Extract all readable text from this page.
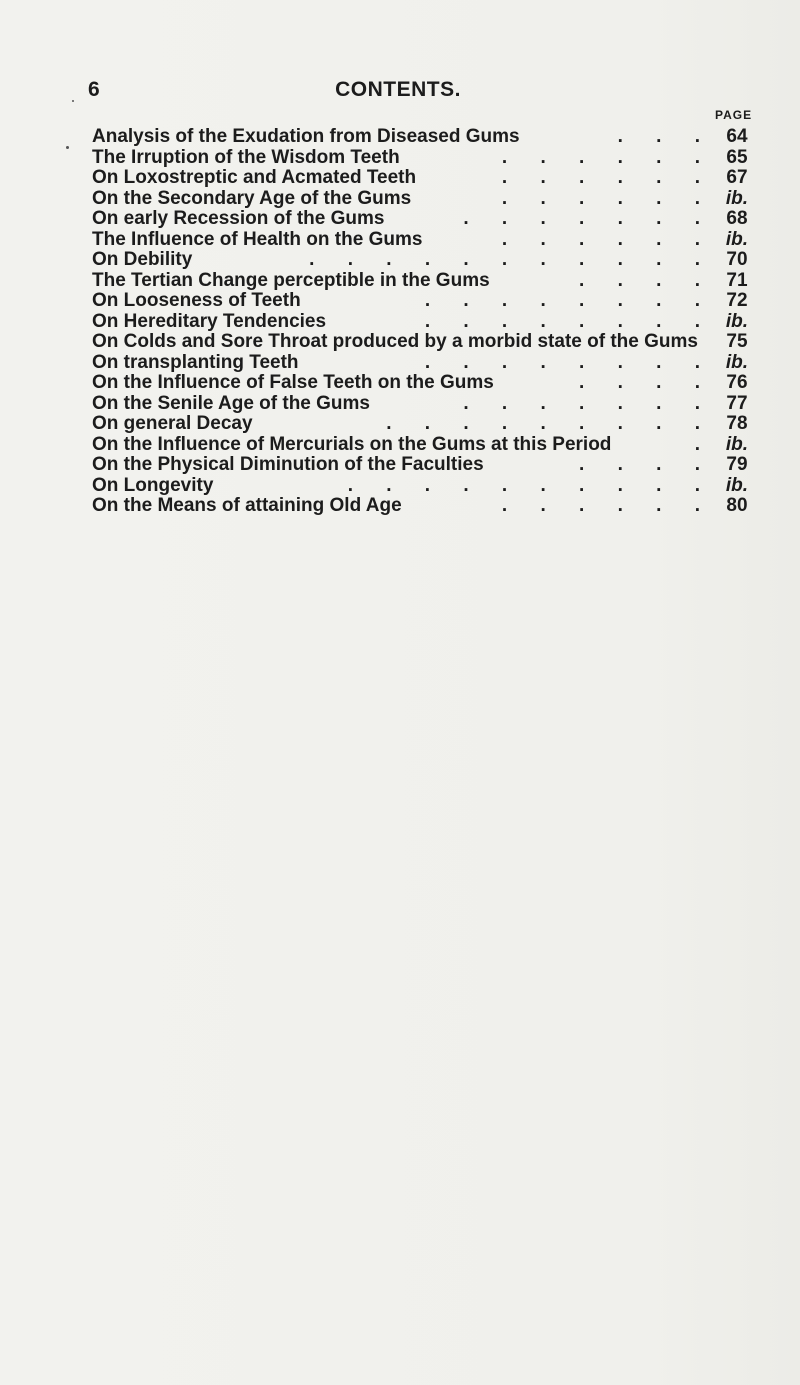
6	CONTENTS.
PAGE
Analysis of the Exudation from Diseased Gums	. . . 64
The Irruption of the Wisdom Teeth	. . . . . . 65
On Loxostreptic and Acmated Teeth	. . . . . . 67
On the Secondary Age of the Gums	. . . . . . ib.
On early Recession of the Gums	. . . . . . . 68
The Influence of Health on the Gums	. . . . . . ib.
On Debility	. . . . . . . . . . . 70
The Tertian Change perceptible in the Gums	. . . . 71
On Looseness of Teeth	. . . . . . . . 72
On Hereditary Tendencies	. . . . . . . . ib.
On Colds and Sore Throat produced by a morbid state of the Gums 75
On transplanting Teeth	. . . . . . . . ib.
On the Influence of False Teeth on the Gums	. . . . 76
On the Senile Age of the Gums	. . . . . . . 77
On general Decay	. . . . . . . . . 78
On the Influence of Mercurials on the Gums at this Period	. ib.
On the Physical Diminution of the Faculties	. . . . 79
On Longevity	. . . . . . . . . . ib.
On the Means of attaining Old Age	. . . . . . 80
